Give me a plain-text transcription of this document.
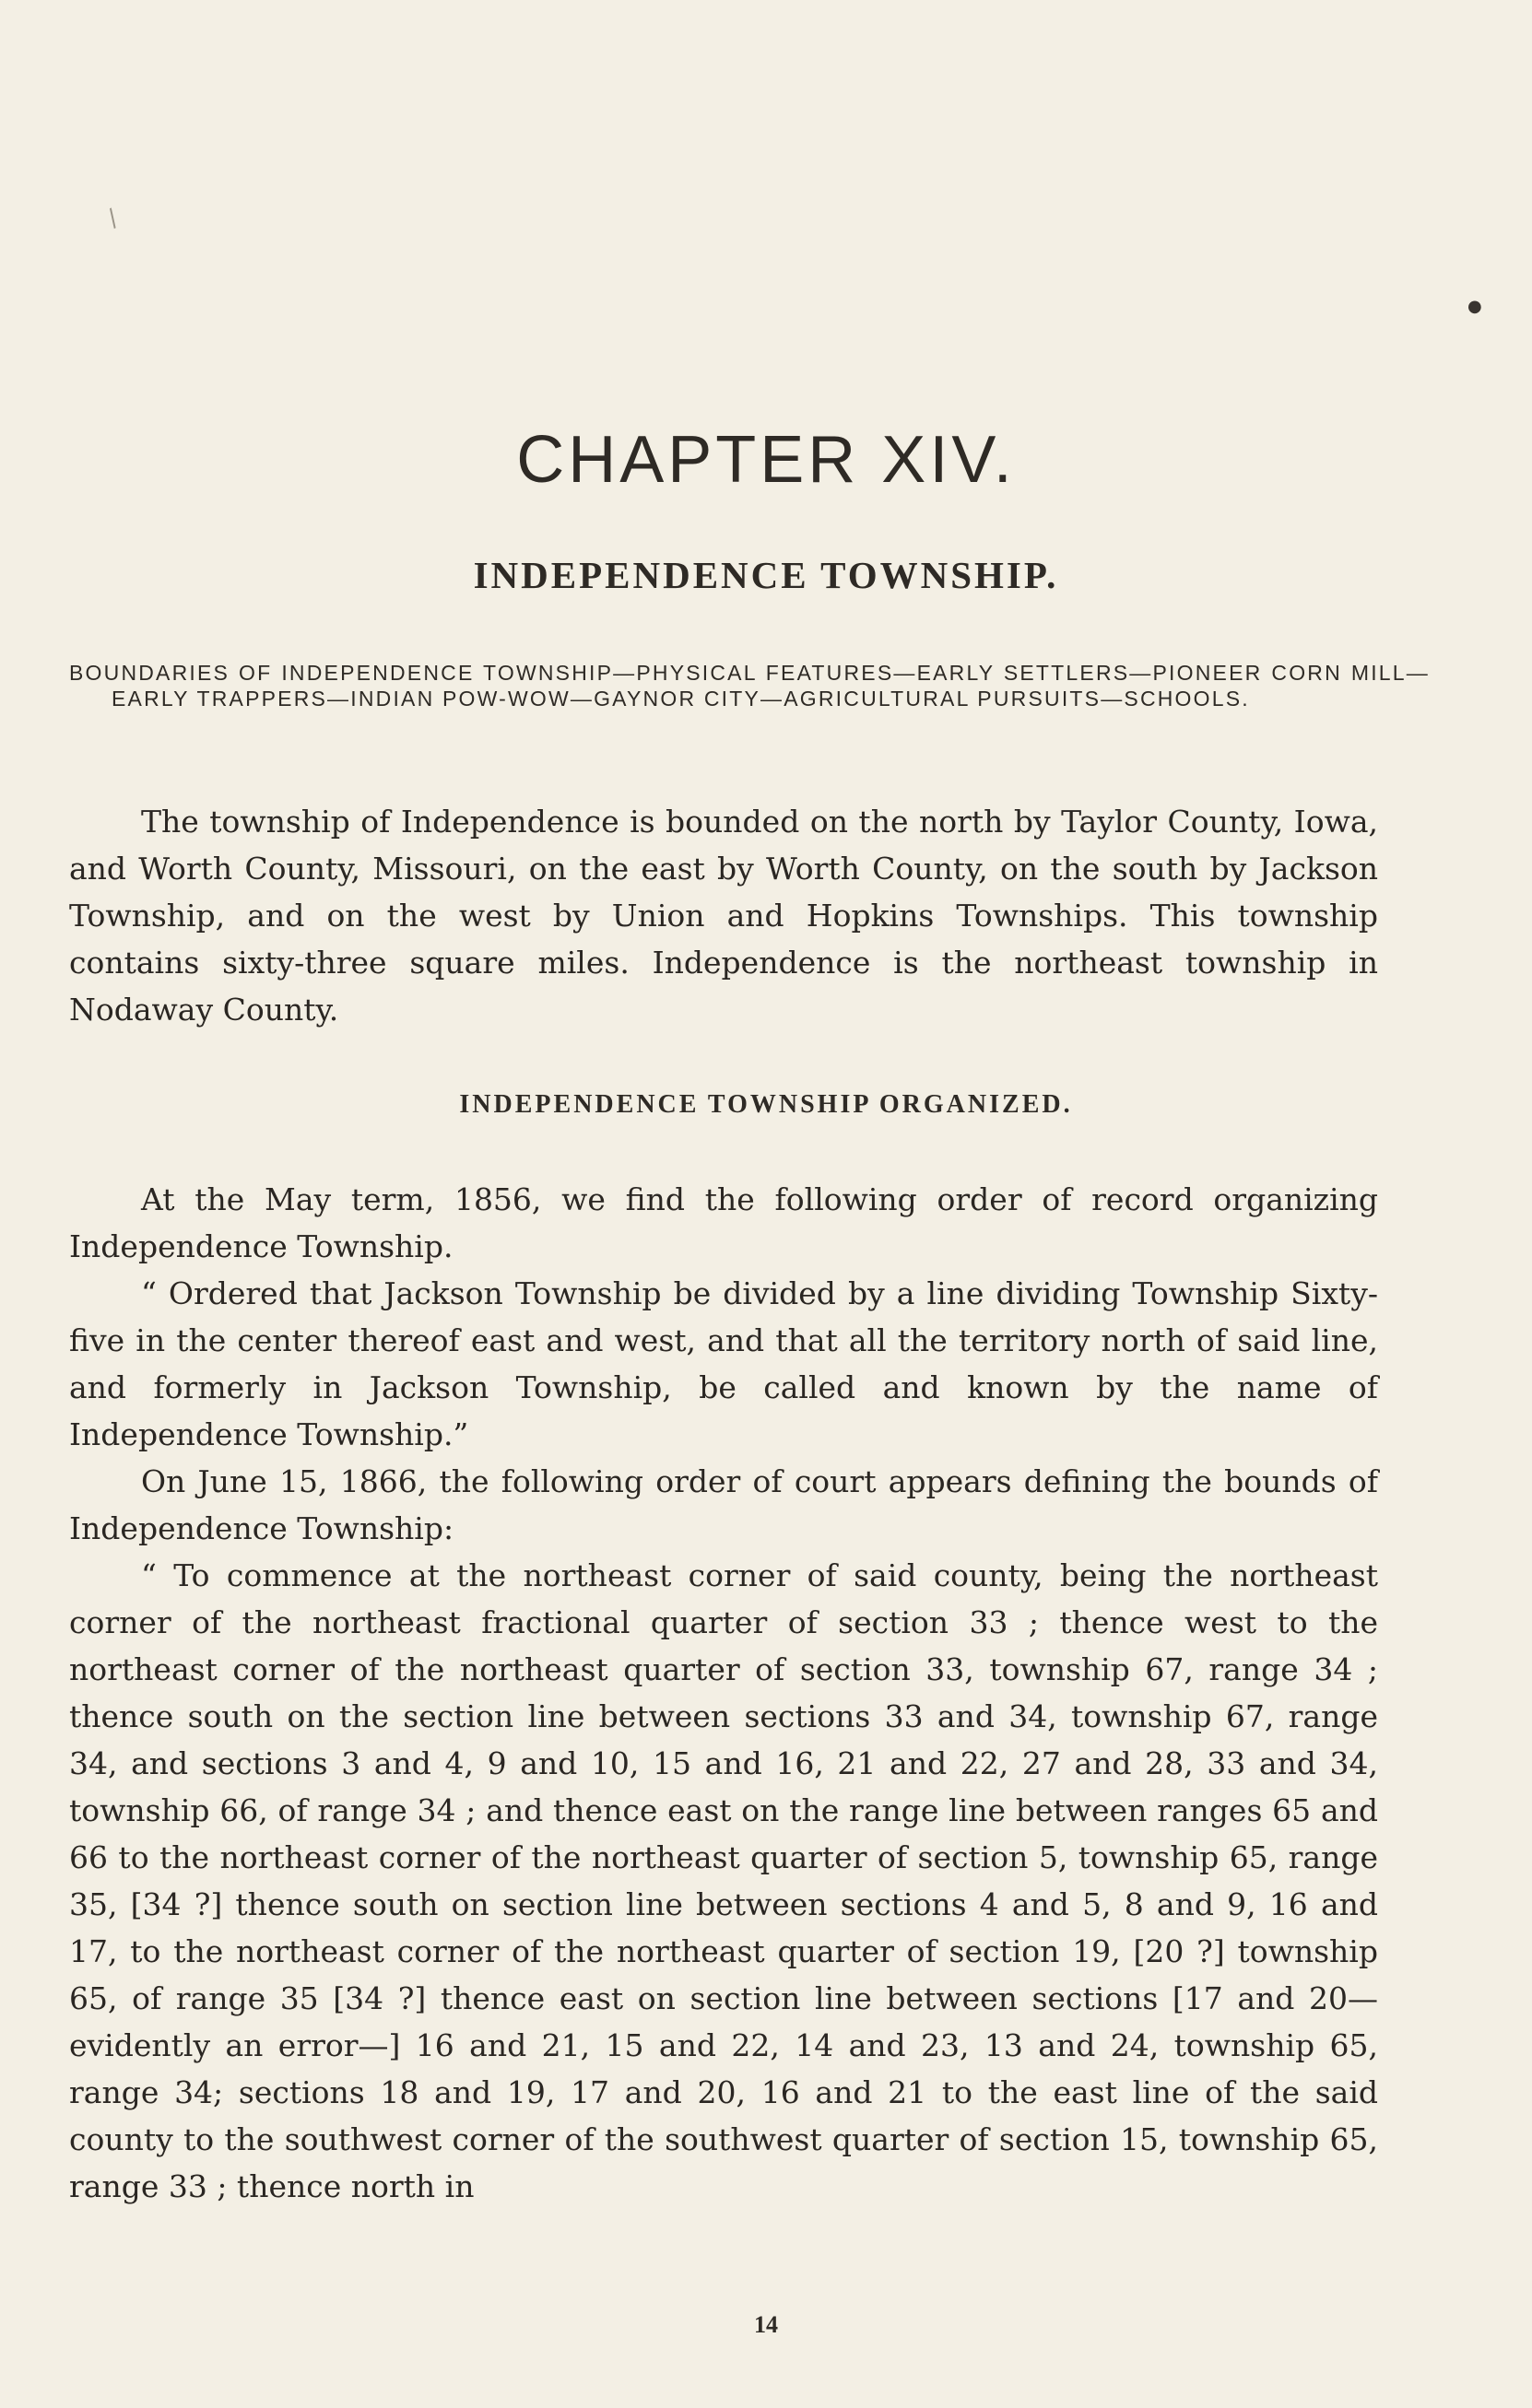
/
●
CHAPTER XIV.
INDEPENDENCE TOWNSHIP.

BOUNDARIES OF INDEPENDENCE TOWNSHIP—PHYSICAL FEATURES—EARLY SETTLERS—PIONEER CORN MILL—EARLY TRAPPERS—INDIAN POW-WOW—GAYNOR CITY—AGRICULTURAL PURSUITS—SCHOOLS.

The township of Independence is bounded on the north by Taylor County, Iowa, and Worth County, Missouri, on the east by Worth County, on the south by Jackson Township, and on the west by Union and Hopkins Townships. This township contains sixty-three square miles. Independence is the northeast township in Nodaway County.

INDEPENDENCE TOWNSHIP ORGANIZED.

At the May term, 1856, we find the following order of record organizing Independence Township.

“ Ordered that Jackson Township be divided by a line dividing Township Sixty-five in the center thereof east and west, and that all the territory north of said line, and formerly in Jackson Township, be called and known by the name of Independence Township.”

On June 15, 1866, the following order of court appears defining the bounds of Independence Township:

“ To commence at the northeast corner of said county, being the northeast corner of the northeast fractional quarter of section 33 ; thence west to the northeast corner of the northeast quarter of section 33, township 67, range 34 ; thence south on the section line between sections 33 and 34, township 67, range 34, and sections 3 and 4, 9 and 10, 15 and 16, 21 and 22, 27 and 28, 33 and 34, township 66, of range 34 ; and thence east on the range line between ranges 65 and 66 to the northeast corner of the northeast quarter of section 5, township 65, range 35, [34 ?] thence south on section line between sections 4 and 5, 8 and 9, 16 and 17, to the northeast corner of the northeast quarter of section 19, [20 ?] township 65, of range 35 [34 ?] thence east on section line between sections [17 and 20—evidently an error—] 16 and 21, 15 and 22, 14 and 23, 13 and 24, township 65, range 34; sections 18 and 19, 17 and 20, 16 and 21 to the east line of the said county to the southwest corner of the southwest quarter of section 15, township 65, range 33 ; thence north in

14
